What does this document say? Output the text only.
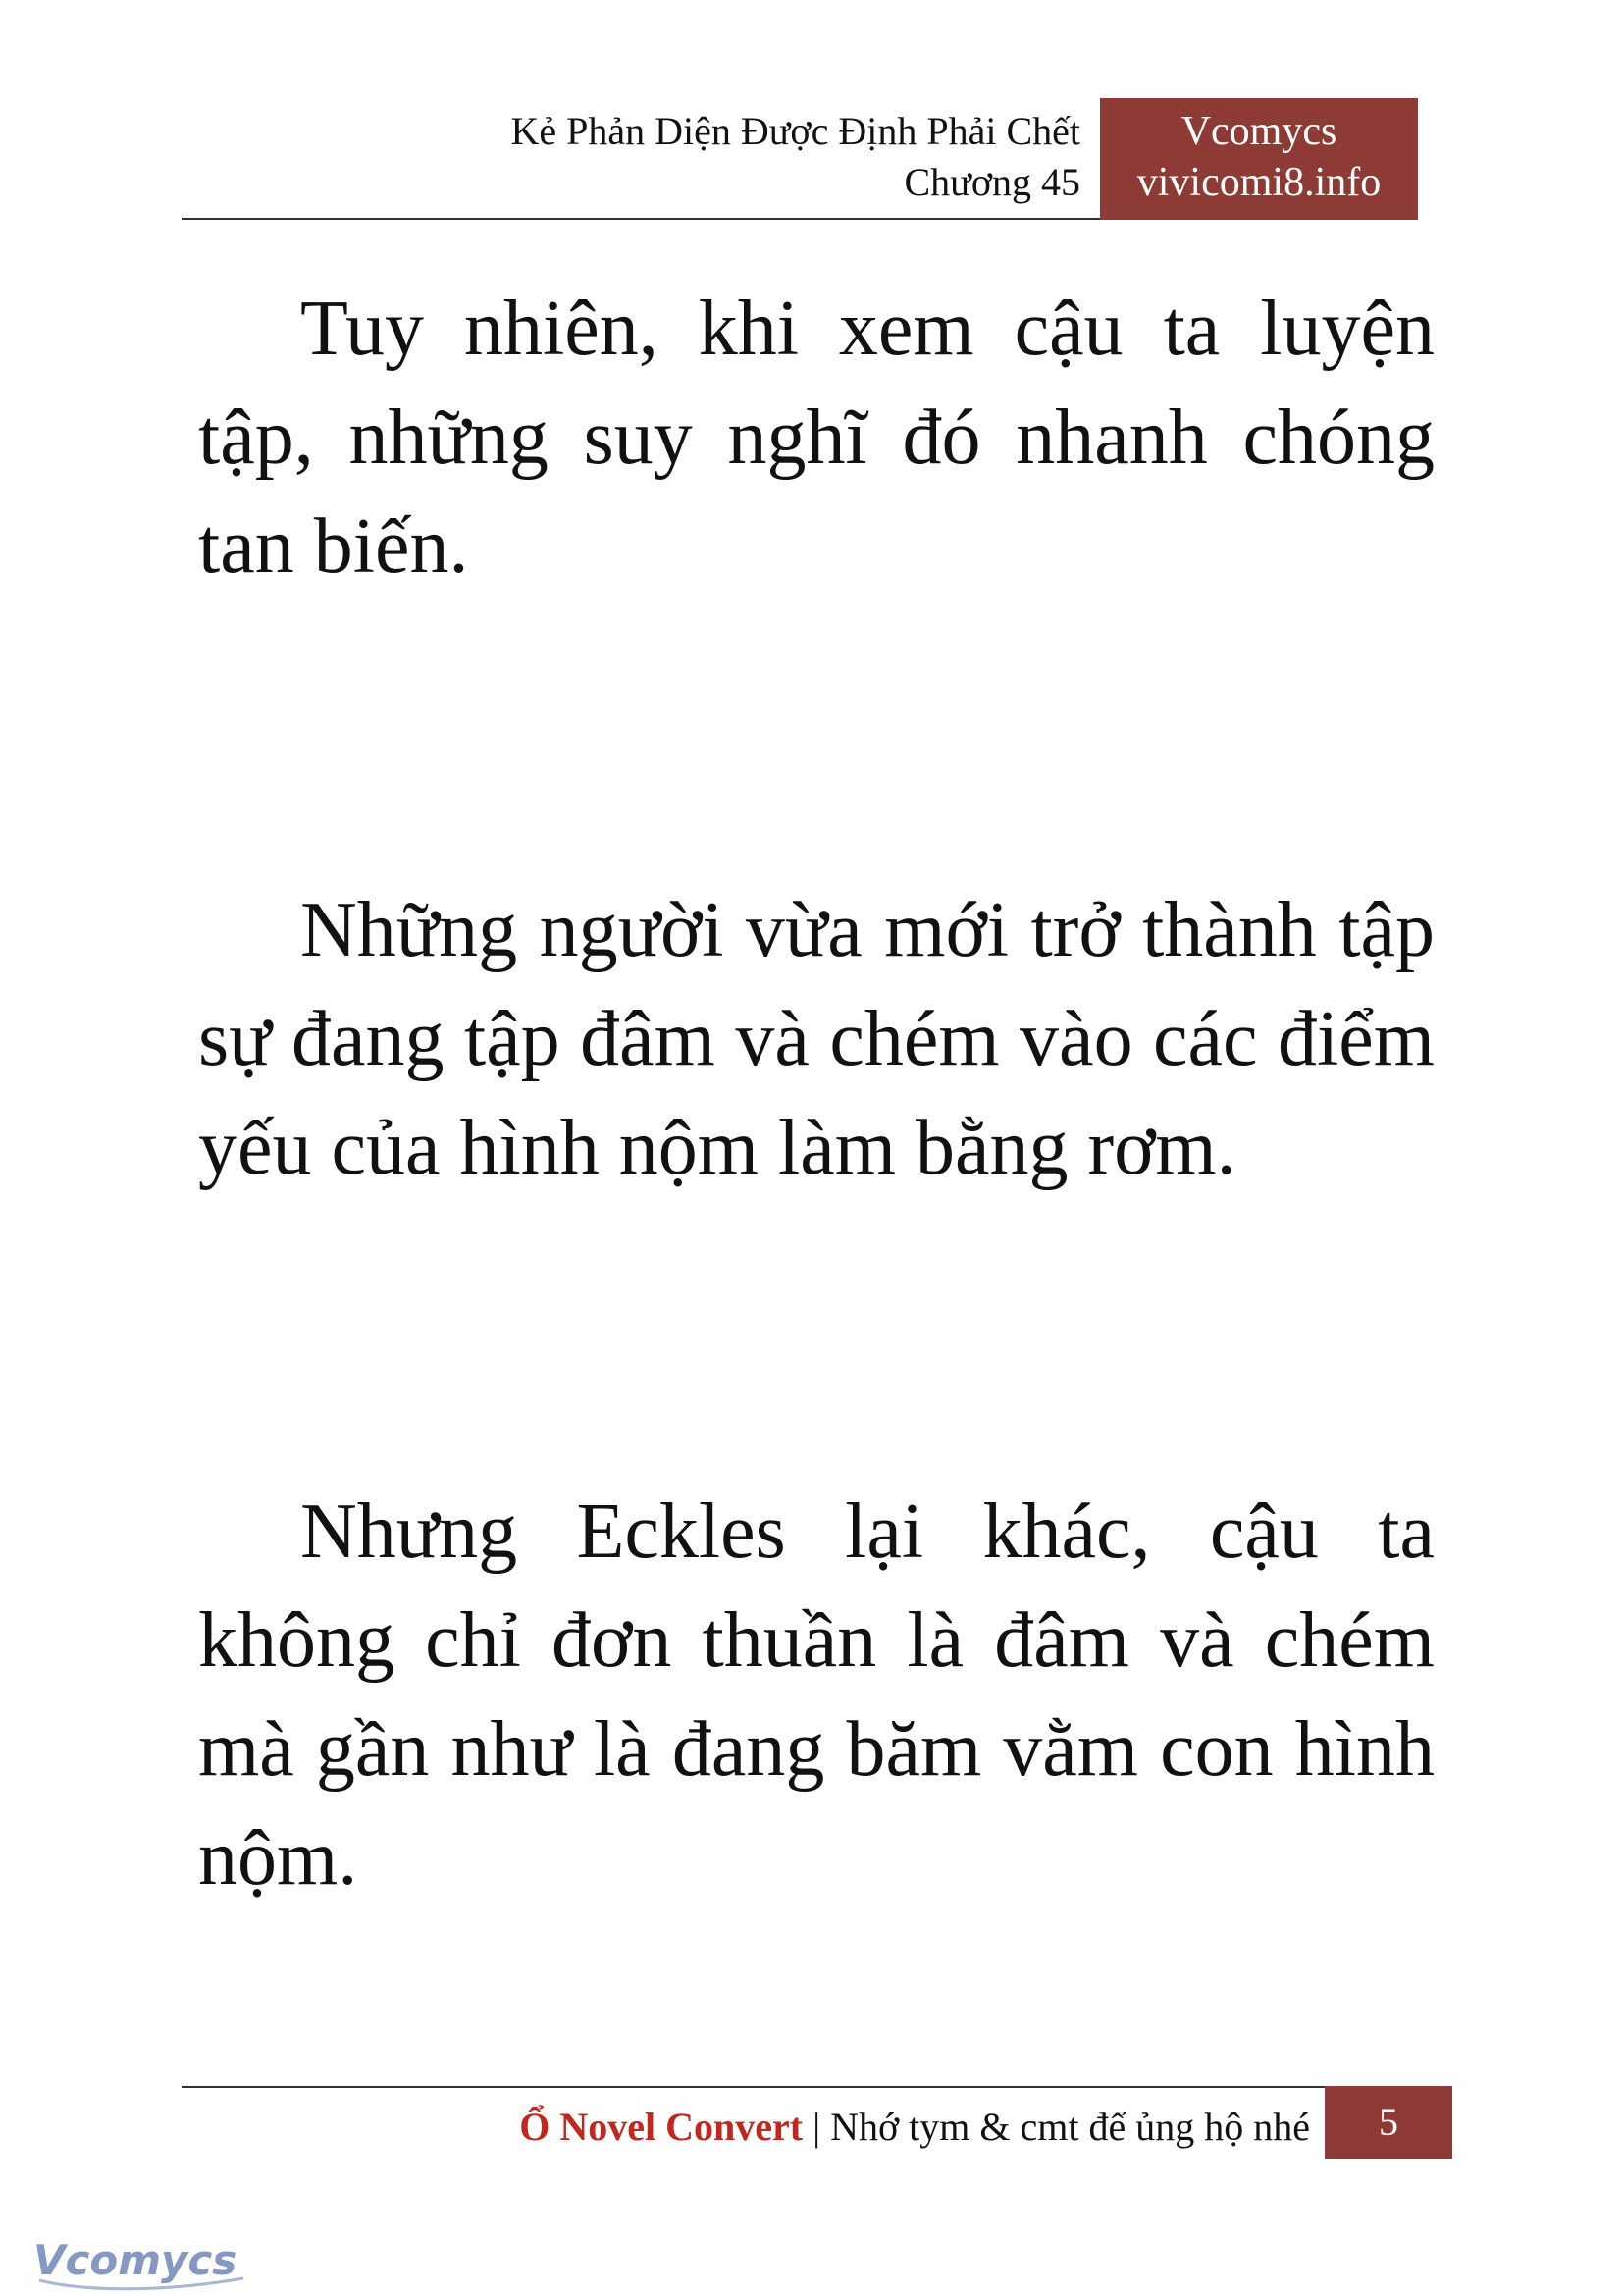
Kẻ Phản Diện Được Định Phải Chết
Chương 45
Vcomycs
vivicomi8.info

Tuy nhiên, khi xem cậu ta luyện tập, những suy nghĩ đó nhanh chóng tan biến.

Những người vừa mới trở thành tập sự đang tập đâm và chém vào các điểm yếu của hình nộm làm bằng rơm.

Nhưng Eckles lại khác, cậu ta không chỉ đơn thuần là đâm và chém mà gần như là đang băm vằm con hình nộm.

Ổ Novel Convert | Nhớ tym & cmt để ủng hộ nhé	5
Vcomycs
